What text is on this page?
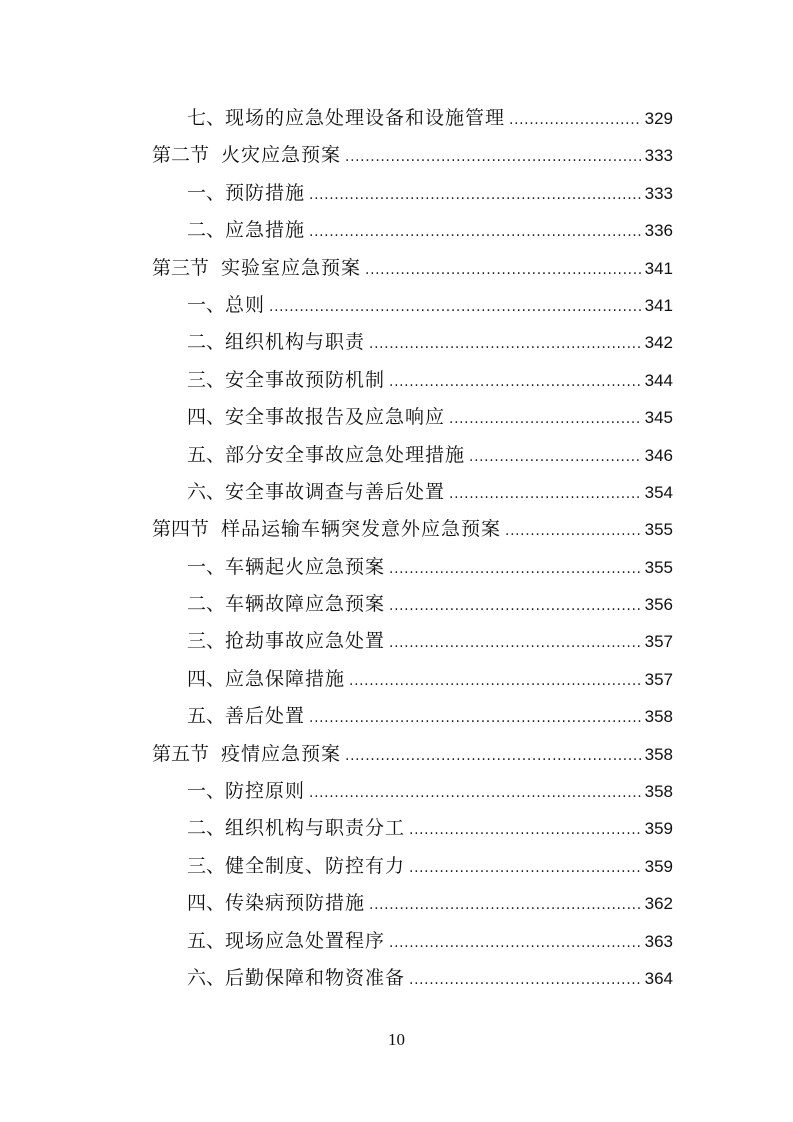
七、 现场的应急处理设备和设施管理 .....	329
第二节 火灾应急预案 .....	333
一、 预防措施 .....	333
二、 应急措施 .....	336
第三节 实验室应急预案 .....	341
一、 总则 .....	341
二、 组织机构与职责 .....	342
三、 安全事故预防机制 .....	344
四、 安全事故报告及应急响应 .....	345
五、 部分安全事故应急处理措施 .....	346
六、 安全事故调查与善后处置 .....	354
第四节 样品运输车辆突发意外应急预案 .....	355
一、 车辆起火应急预案 .....	355
二、 车辆故障应急预案 .....	356
三、 抢劫事故应急处置 .....	357
四、 应急保障措施 .....	357
五、 善后处置 .....	358
第五节 疫情应急预案 .....	358
一、 防控原则 .....	358
二、 组织机构与职责分工 .....	359
三、 健全制度、防控有力 .....	359
四、 传染病预防措施 .....	362
五、 现场应急处置程序 .....	363
六、 后勤保障和物资准备 .....	364
10
